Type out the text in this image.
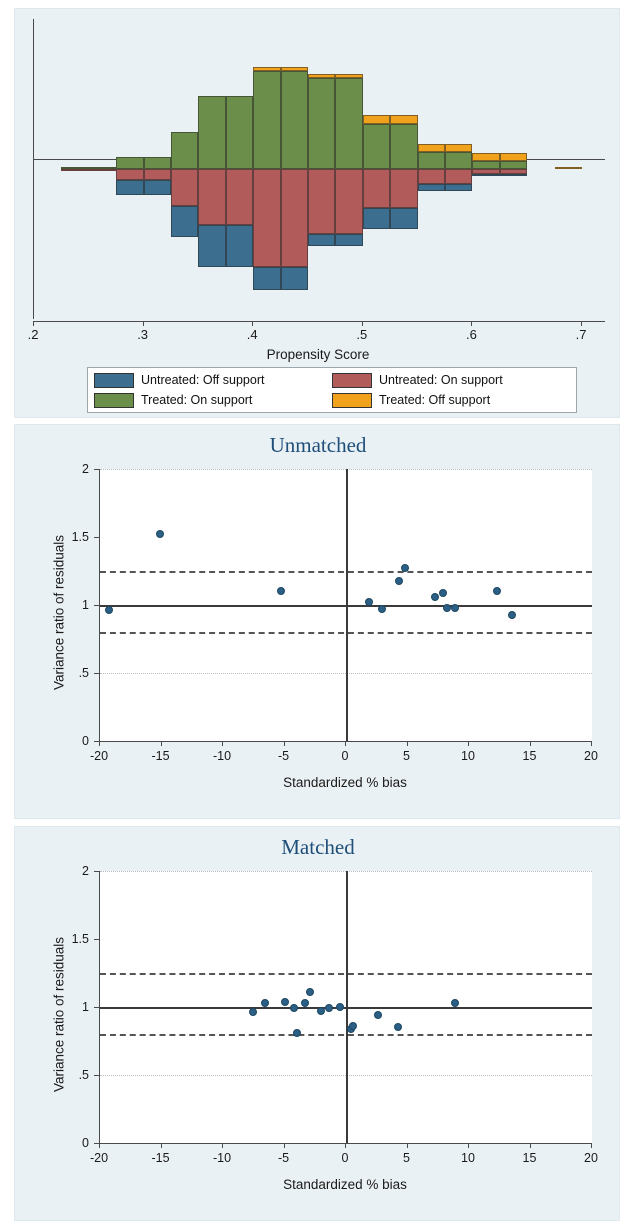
.2	.3	.4	.5	.6	.7
Propensity Score
Untreated: Off support	Untreated: On support
Treated: On support	Treated: Off support
Unmatched
0
.5
1
1.5
2
-20	-15	-10	-5	0	5	10	15	20
Standardized % bias
Variance ratio of residuals
Matched
0
.5
1
1.5
2
-20	-15	-10	-5	0	5	10	15	20
Standardized % bias
Variance ratio of residuals
